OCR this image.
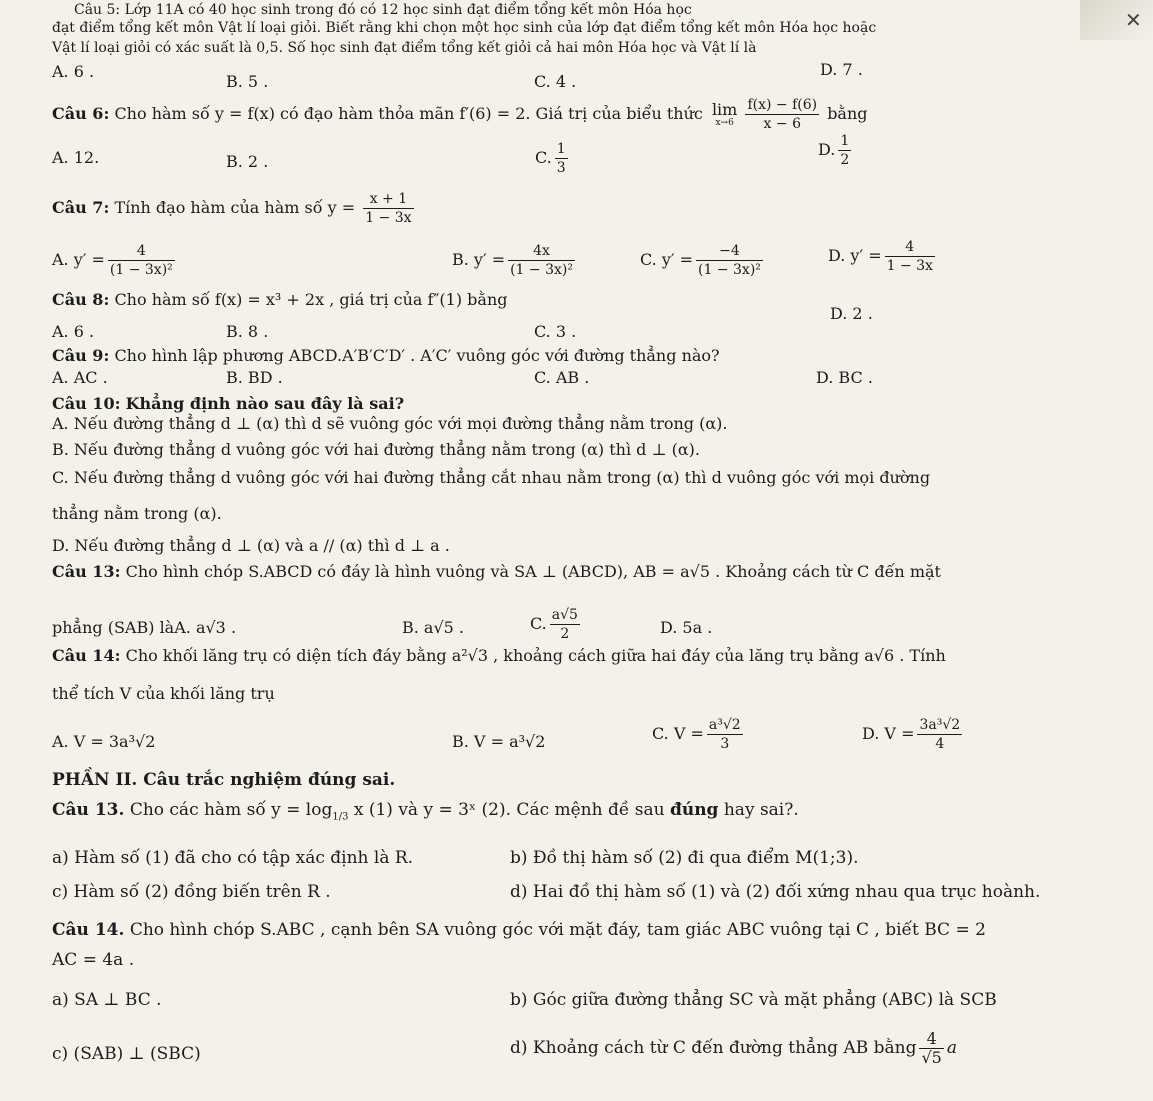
✕
Câu 5: Lớp 11A có 40 học sinh trong đó có 12 học sinh đạt điểm tổng kết môn Hóa học
đạt điểm tổng kết môn Vật lí loại giỏi. Biết rằng khi chọn một học sinh của lớp đạt điểm tổng kết môn Hóa học hoặc
Vật lí loại giỏi có xác suất là 0,5. Số học sinh đạt điểm tổng kết giỏi cả hai môn Hóa học và Vật lí là
A. 6 .
B. 5 .	C. 4 .
D. 7 .
Câu 6: Cho hàm số y = f(x) có đạo hàm thỏa mãn f′(6) = 2. Giá trị của biểu thức lim
x→6
$\frac{f(x) - f(6)}{x - 6}$ bằng
A. 12.	B. 2 .	C. $\frac{1}{3}$	D. $\frac{1}{2}$
Câu 7: Tính đạo hàm của hàm số $y = \frac{x + 1}{1 - 3x}$
A. $y' = \frac{4}{\text{(1 − 3x)²}}$	B. $y' = \frac{4x}{\text{(1 − 3x)²}}$	C. $y' = \frac{-4}{\text{(1 − 3x)²}}$	D. $y' = \frac{4}{1 - 3x}$
Câu 8: Cho hàm số f(x) = x³ + 2x , giá trị của f″(1) bằng
A. 6 .	B. 8 .	C. 3 .
D. 2 .
Câu 9: Cho hình lập phương ABCD.A′B′C′D′ . A′C′ vuông góc với đường thẳng nào?
A. AC .	B. BD .	C. AB .	D. BC .
Câu 10: Khẳng định nào sau đây là sai?
A. Nếu đường thẳng d ⊥ (α) thì d sẽ vuông góc với mọi đường thẳng nằm trong (α).
B. Nếu đường thẳng d vuông góc với hai đường thẳng nằm trong (α) thì d ⊥ (α).
C. Nếu đường thẳng d vuông góc với hai đường thẳng cắt nhau nằm trong (α) thì d vuông góc với mọi đường
thẳng nằm trong (α).
D. Nếu đường thẳng d ⊥ (α) và a // (α) thì d ⊥ a .
Câu 13: Cho hình chóp S.ABCD có đáy là hình vuông và SA ⊥ (ABCD), AB = a√5 . Khoảng cách từ C đến mặt
phẳng (SAB) làA. a√3 .	B. a√5 .	C. $\frac{a√5}{2}$	D. 5a .
Câu 14: Cho khối lăng trụ có diện tích đáy bằng a²√3 , khoảng cách giữa hai đáy của lăng trụ bằng a√6 . Tính
thể tích V của khối lăng trụ
A. V = 3a³√2	B. V = a³√2	C. $V = \frac{\text{a³√2}}{3}$	D. $V = \frac{\text{3a³√2}}{4}$
PHẦN II. Câu trắc nghiệm đúng sai.
Câu 13. Cho các hàm số $y = \log_{1/3} x$ (1) và y = 3ˣ (2). Các mệnh đề sau đúng hay sai?.
a) Hàm số (1) đã cho có tập xác định là R.	b) Đồ thị hàm số (2) đi qua điểm M(1;3).
c) Hàm số (2) đồng biến trên R .	d) Hai đồ thị hàm số (1) và (2) đối xứng nhau qua trục hoành.
Câu 14. Cho hình chóp S.ABC , cạnh bên SA vuông góc với mặt đáy, tam giác ABC vuông tại C , biết BC = 2
AC = 4a .
a) SA ⊥ BC .	b) Góc giữa đường thẳng SC và mặt phẳng (ABC) là SCB
c) (SAB) ⊥ (SBC)	d) Khoảng cách từ C đến đường thẳng AB bằng $\frac{4}{√5}$ a
